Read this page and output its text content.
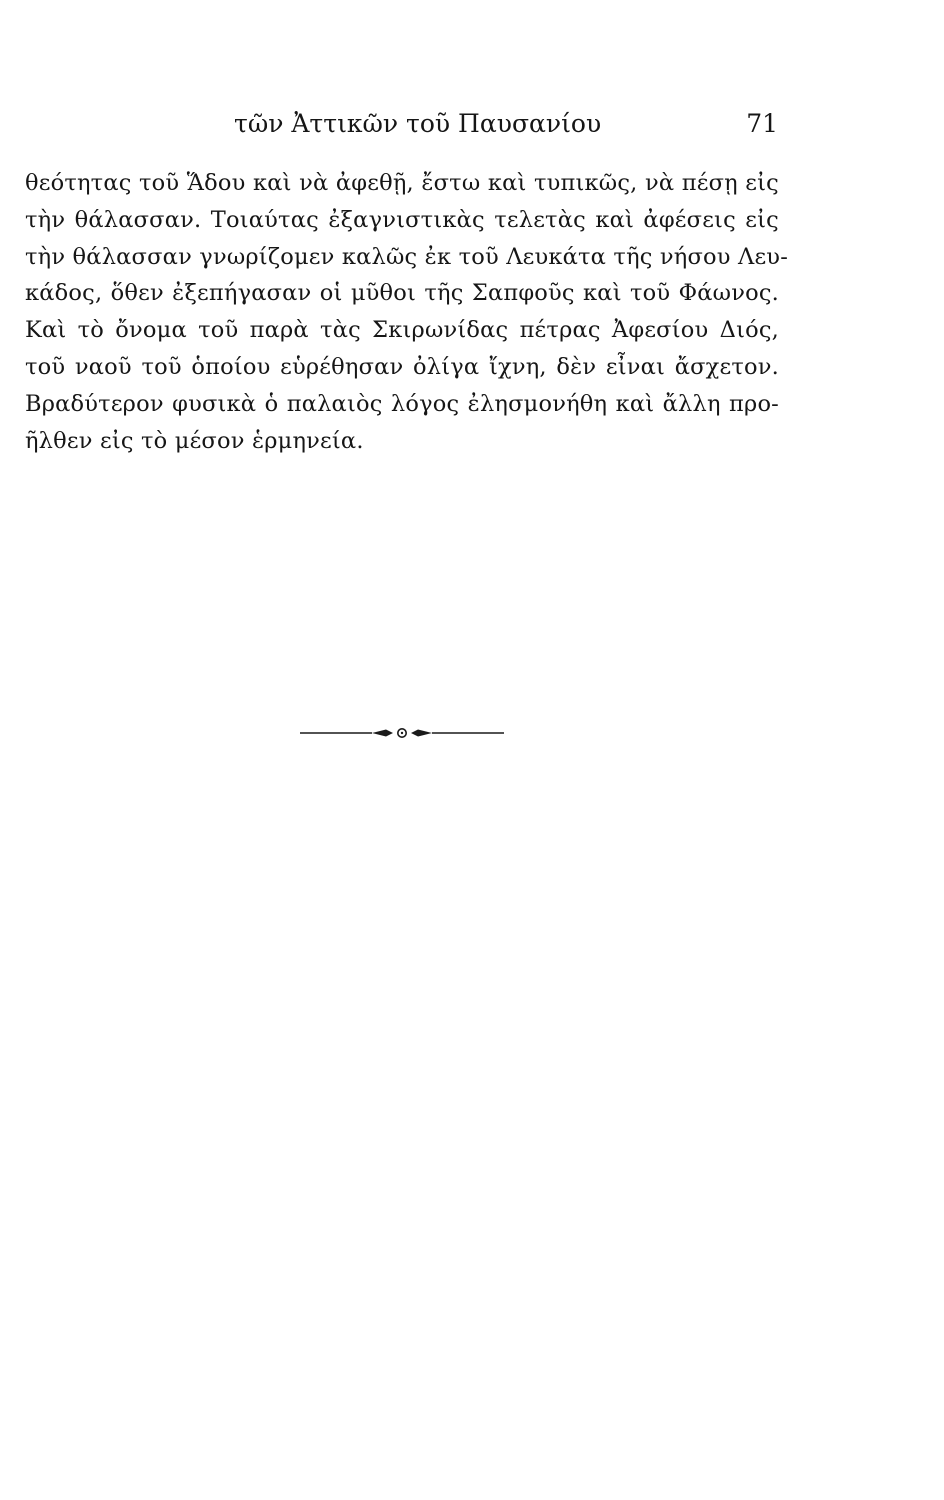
τῶν Ἀττικῶν τοῦ Παυσανίου	71
θεότητας τοῦ Ἅδου καὶ νὰ ἀφεθῇ, ἔστω καὶ τυπικῶς, νὰ πέσῃ εἰς
τὴν θάλασσαν. Τοιαύτας ἐξαγνιστικὰς τελετὰς καὶ ἀφέσεις εἰς
τὴν θάλασσαν γνωρίζομεν καλῶς ἐκ τοῦ Λευκάτα τῆς νήσου Λευ-
κάδος, ὅθεν ἐξεπήγασαν οἱ μῦθοι τῆς Σαπφοῦς καὶ τοῦ Φάωνος.
Καὶ τὸ ὄνομα τοῦ παρὰ τὰς Σκιρωνίδας πέτρας Ἀφεσίου Διός,
τοῦ ναοῦ τοῦ ὁποίου εὑρέθησαν ὀλίγα ἴχνη, δὲν εἶναι ἄσχετον.
Βραδύτερον φυσικὰ ὁ παλαιὸς λόγος ἐλησμονήθη καὶ ἄλλη προ-
ῆλθεν εἰς τὸ μέσον ἑρμηνεία.
